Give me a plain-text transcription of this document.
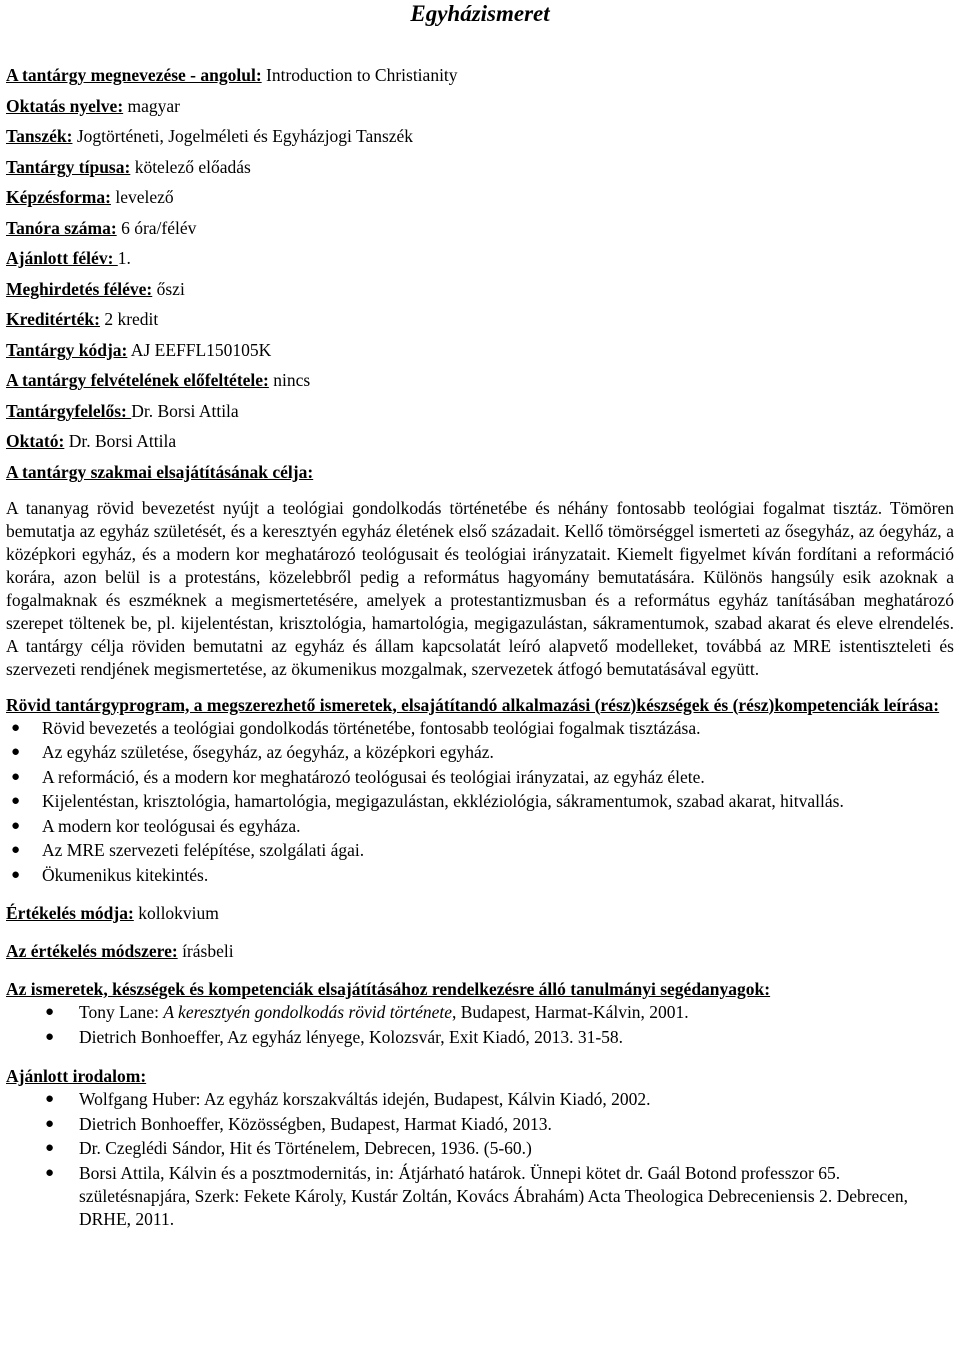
Egyházismeret
A tantárgy megnevezése - angolul: Introduction to Christianity
Oktatás nyelve: magyar
Tanszék: Jogtörténeti, Jogelméleti és Egyházjogi Tanszék
Tantárgy típusa: kötelező előadás
Képzésforma: levelező
Tanóra száma: 6 óra/félév
Ajánlott félév: 1.
Meghirdetés féléve: őszi
Kreditérték: 2 kredit
Tantárgy kódja: AJ EEFFL150105K
A tantárgy felvételének előfeltétele: nincs
Tantárgyfelelős: Dr. Borsi Attila
Oktató: Dr. Borsi Attila
A tantárgy szakmai elsajátításának célja:
A tananyag rövid bevezetést nyújt a teológiai gondolkodás történetébe és néhány fontosabb teológiai fogalmat tisztáz. Tömören bemutatja az egyház születését, és a keresztyén egyház életének első századait. Kellő tömörséggel ismerteti az ősegyház, az óegyház, a középkori egyház, és a modern kor meghatározó teológusait és teológiai irányzatait. Kiemelt figyelmet kíván fordítani a reformáció korára, azon belül is a protestáns, közelebbről pedig a református hagyomány bemutatására. Különös hangsúly esik azoknak a fogalmaknak és eszméknek a megismertetésére, amelyek a protestantizmusban és a református egyház tanításában meghatározó szerepet töltenek be, pl. kijelentéstan, krisztológia, hamartológia, megigazulástan, sákramentumok, szabad akarat és eleve elrendelés. A tantárgy célja röviden bemutatni az egyház és állam kapcsolatát leíró alapvető modelleket, továbbá az MRE istentiszteleti és szervezeti rendjének megismertetése, az ökumenikus mozgalmak, szervezetek átfogó bemutatásával együtt.
Rövid tantárgyprogram, a megszerezhető ismeretek, elsajátítandó alkalmazási (rész)készségek és (rész)kompetenciák leírása:
● Rövid bevezetés a teológiai gondolkodás történetébe, fontosabb teológiai fogalmak tisztázása.
● Az egyház születése, ősegyház, az óegyház, a középkori egyház.
● A reformáció, és a modern kor meghatározó teológusai és teológiai irányzatai, az egyház élete.
● Kijelentéstan, krisztológia, hamartológia, megigazulástan, ekkléziológia, sákramentumok, szabad akarat, hitvallás.
● A modern kor teológusai és egyháza.
● Az MRE szervezeti felépítése, szolgálati ágai.
● Ökumenikus kitekintés.
Értékelés módja: kollokvium
Az értékelés módszere: írásbeli
Az ismeretek, készségek és kompetenciák elsajátításához rendelkezésre álló tanulmányi segédanyagok:
● Tony Lane: A keresztyén gondolkodás rövid története, Budapest, Harmat-Kálvin, 2001.
● Dietrich Bonhoeffer, Az egyház lényege, Kolozsvár, Exit Kiadó, 2013. 31-58.
Ajánlott irodalom:
● Wolfgang Huber: Az egyház korszakváltás idején, Budapest, Kálvin Kiadó, 2002.
● Dietrich Bonhoeffer, Közösségben, Budapest, Harmat Kiadó, 2013.
● Dr. Czeglédi Sándor, Hit és Történelem, Debrecen, 1936. (5-60.)
● Borsi Attila, Kálvin és a posztmodernitás, in: Átjárható határok. Ünnepi kötet dr. Gaál Botond professzor 65. születésnapjára, Szerk: Fekete Károly, Kustár Zoltán, Kovács Ábrahám) Acta Theologica Debreceniensis 2. Debrecen, DRHE, 2011.
